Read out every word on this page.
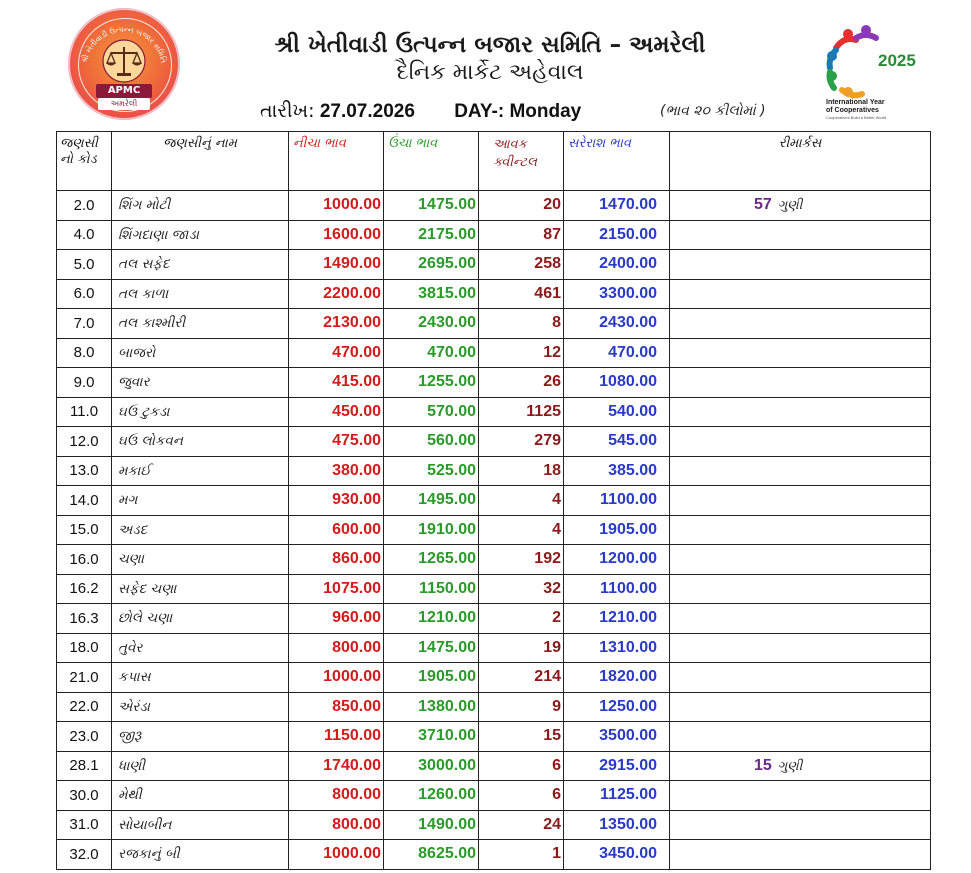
શ્રી ખેતીવાડી ઉત્પન્ન બજાર સમિતિ
APMC
અમરેલી
શ્રી ખેતીવાડી ઉત્પન્ન બજાર સમિતિ – અમરેલી
દૈનિક માર્કેટ અહેવાલ
તારીખ: 27.07.2026 DAY-: Monday	(ભાવ ૨૦ કીલોમાં )
2025
International Year
of Cooperatives
Cooperatives Build a Better World
જણસી નો કોડ	જણસીનું નામ	નીચા ભાવ	ઉંચા ભાવ	આવક ક્વીન્ટલ	સરેરાશ ભાવ	રીમાર્કસ
2.0	શિંગ મોટી	1000.00	1475.00	20	1470.00	57 ગુણી
4.0	શિંગદાણા જાડા	1600.00	2175.00	87	2150.00	
5.0	તલ સફેદ	1490.00	2695.00	258	2400.00	
6.0	તલ કાળા	2200.00	3815.00	461	3300.00	
7.0	તલ કાશ્મીરી	2130.00	2430.00	8	2430.00	
8.0	બાજરો	470.00	470.00	12	470.00	
9.0	જુવાર	415.00	1255.00	26	1080.00	
11.0	ઘઉ ટુકડા	450.00	570.00	1125	540.00	
12.0	ઘઉ લોકવન	475.00	560.00	279	545.00	
13.0	મકાઈ	380.00	525.00	18	385.00	
14.0	મગ	930.00	1495.00	4	1100.00	
15.0	અડદ	600.00	1910.00	4	1905.00	
16.0	ચણા	860.00	1265.00	192	1200.00	
16.2	સફેદ ચણા	1075.00	1150.00	32	1100.00	
16.3	છોલે ચણા	960.00	1210.00	2	1210.00	
18.0	તુવેર	800.00	1475.00	19	1310.00	
21.0	કપાસ	1000.00	1905.00	214	1820.00	
22.0	એરંડા	850.00	1380.00	9	1250.00	
23.0	જીરૂ	1150.00	3710.00	15	3500.00	
28.1	ધાણી	1740.00	3000.00	6	2915.00	15 ગુણી
30.0	મેથી	800.00	1260.00	6	1125.00	
31.0	સોયાબીન	800.00	1490.00	24	1350.00	
32.0	રજકાનું બી	1000.00	8625.00	1	3450.00	
